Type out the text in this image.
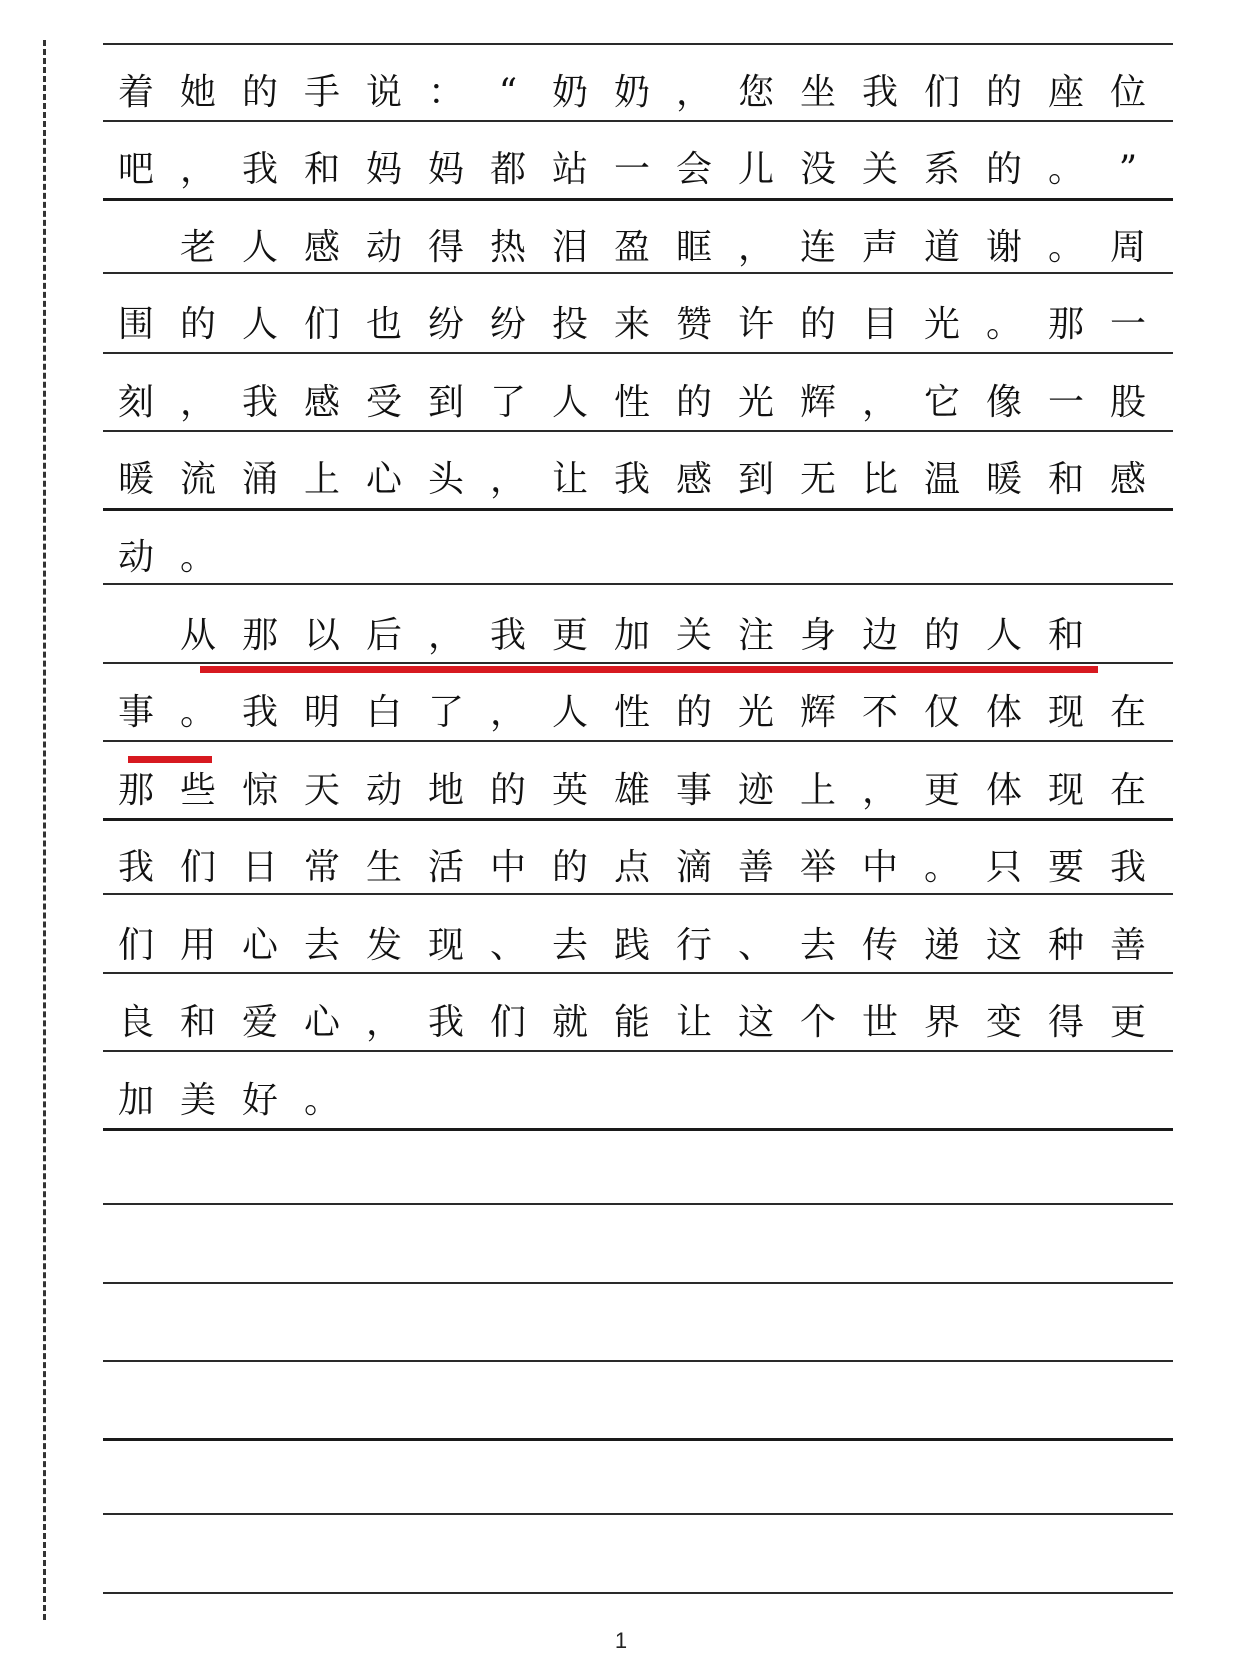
着 她 的 手 说 ： “ 奶 奶 ， 您 坐 我 们 的 座 位
吧 ， 我 和 妈 妈 都 站 一 会 儿 没 关 系 的 。 ”

老 人 感 动 得 热 泪 盈 眶 ， 连 声 道 谢 。 周
围 的 人 们 也 纷 纷 投 来 赞 许 的 目 光 。 那 一
刻 ， 我 感 受 到 了 人 性 的 光 辉 ， 它 像 一 股
暖 流 涌 上 心 头 ， 让 我 感 到 无 比 温 暖 和 感
动 。

从 那 以 后 ， 我 更 加 关 注 身 边 的 人 和
事 。 我 明 白 了 ， 人 性 的 光 辉 不 仅 体 现 在
那 些 惊 天 动 地 的 英 雄 事 迹 上 ， 更 体 现 在
我 们 日 常 生 活 中 的 点 滴 善 举 中 。 只 要 我
们 用 心 去 发 现 、 去 践 行 、 去 传 递 这 种 善
良 和 爱 心 ， 我 们 就 能 让 这 个 世 界 变 得 更
加 美 好 。
1
